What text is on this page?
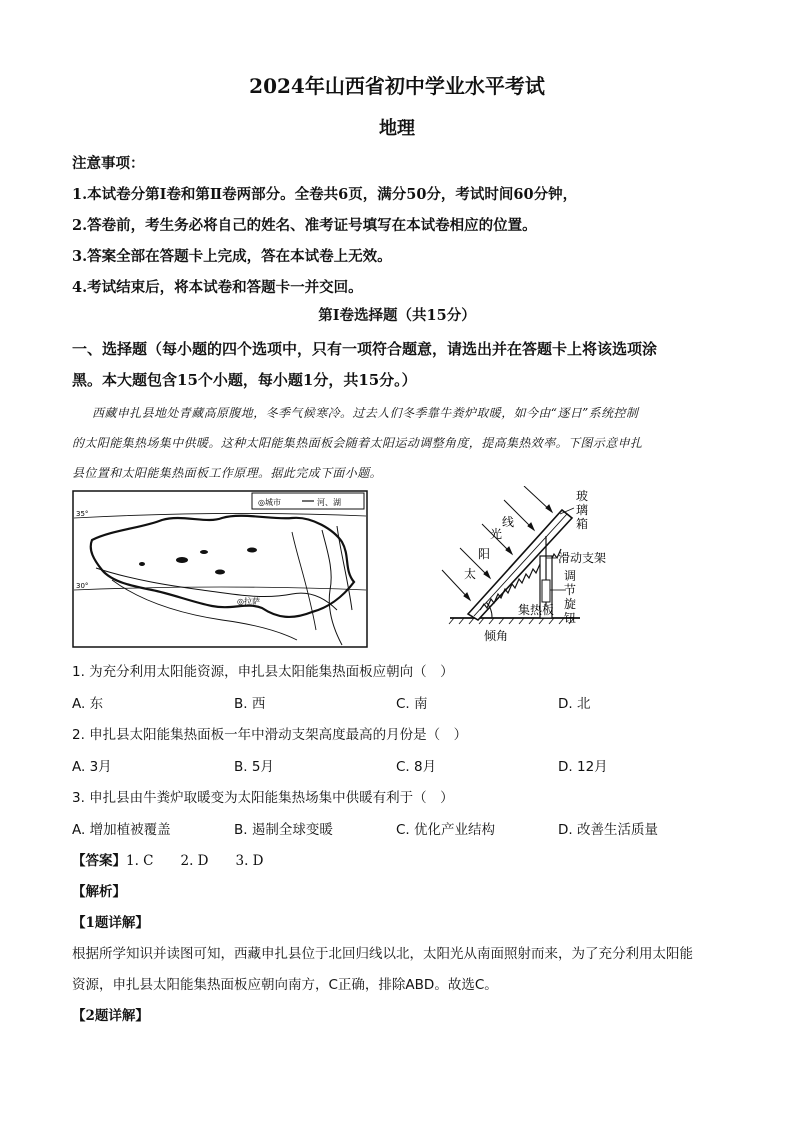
2024年山西省初中学业水平考试
地理
注意事项：
1.本试卷分第Ⅰ卷和第Ⅱ卷两部分。全卷共6页，满分50分，考试时间60分钟，
2.答卷前，考生务必将自己的姓名、准考证号填写在本试卷相应的位置。
3.答案全部在答题卡上完成，答在本试卷上无效。
4.考试结束后，将本试卷和答题卡一并交回。
第Ⅰ卷选择题（共15分）
一、选择题（每小题的四个选项中，只有一项符合题意，请选出并在答题卡上将该选项涂
黑。本大题包含15个小题，每小题1分，共15分。）
西藏申扎县地处青藏高原腹地，冬季气候寒冷。过去人们冬季靠牛粪炉取暖，如今由“逐日”系统控制
的太阳能集热场集中供暖。这种太阳能集热面板会随着太阳运动调整角度，提高集热效率。下图示意申扎
县位置和太阳能集热面板工作原理。据此完成下面小题。
◎城市	河、湖
35°
30°
◎拉萨
太
阳
光
线
玻
璃
箱
滑动支架
调
节
旋
钮
集热板
倾角
1. 为充分利用太阳能资源，申扎县太阳能集热面板应朝向（　）
A. 东	B. 西	C. 南	D. 北
2. 申扎县太阳能集热面板一年中滑动支架高度最高的月份是（　）
A. 3月	B. 5月	C. 8月	D. 12月
3. 申扎县由牛粪炉取暖变为太阳能集热场集中供暖有利于（　）
A. 增加植被覆盖	B. 遏制全球变暖	C. 优化产业结构	D. 改善生活质量
【答案】1. C　　2. D　　3. D
【解析】
【1题详解】
根据所学知识并读图可知，西藏申扎县位于北回归线以北，太阳光从南面照射而来，为了充分利用太阳能
资源，申扎县太阳能集热面板应朝向南方，C正确，排除ABD。故选C。
【2题详解】
